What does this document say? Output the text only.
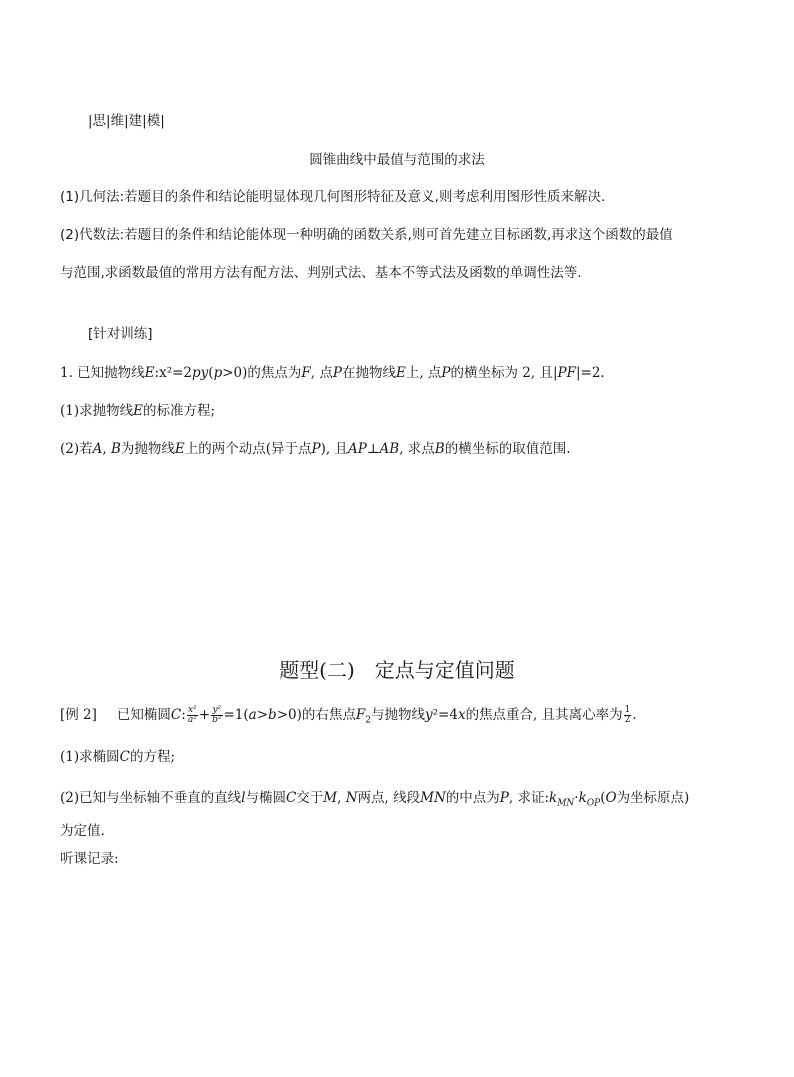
|思|维|建|模|
圆锥曲线中最值与范围的求法
(1)几何法:若题目的条件和结论能明显体现几何图形特征及意义,则考虑利用图形性质来解决.
(2)代数法:若题目的条件和结论能体现一种明确的函数关系,则可首先建立目标函数,再求这个函数的最值
与范围,求函数最值的常用方法有配方法、判别式法、基本不等式法及函数的单调性法等.
[针对训练]
1. 已知抛物线E:x²=2py(p>0)的焦点为F, 点P在抛物线E上, 点P的横坐标为 2, 且|PF|=2.
(1)求抛物线E的标准方程;
(2)若A, B为抛物线E上的两个动点(异于点P), 且AP⊥AB, 求点B的横坐标的取值范围.
题型(二)　定点与定值问题
[例 2] 已知椭圆C: $\frac{\text{x²}}{\text{a²}} + \frac{\text{y²}}{\text{b²}} =1(a>b>0)$的右焦点$F_2$与抛物线y²=4x的焦点重合, 且其离心率为 $\frac{1}{2}$ .
(1)求椭圆C的方程;
(2)已知与坐标轴不垂直的直线l与椭圆C交于M, N两点, 线段MN的中点为P, 求证$:k_{MN}\cdot k_{OP}(O$为坐标原点)
为定值.
听课记录:
